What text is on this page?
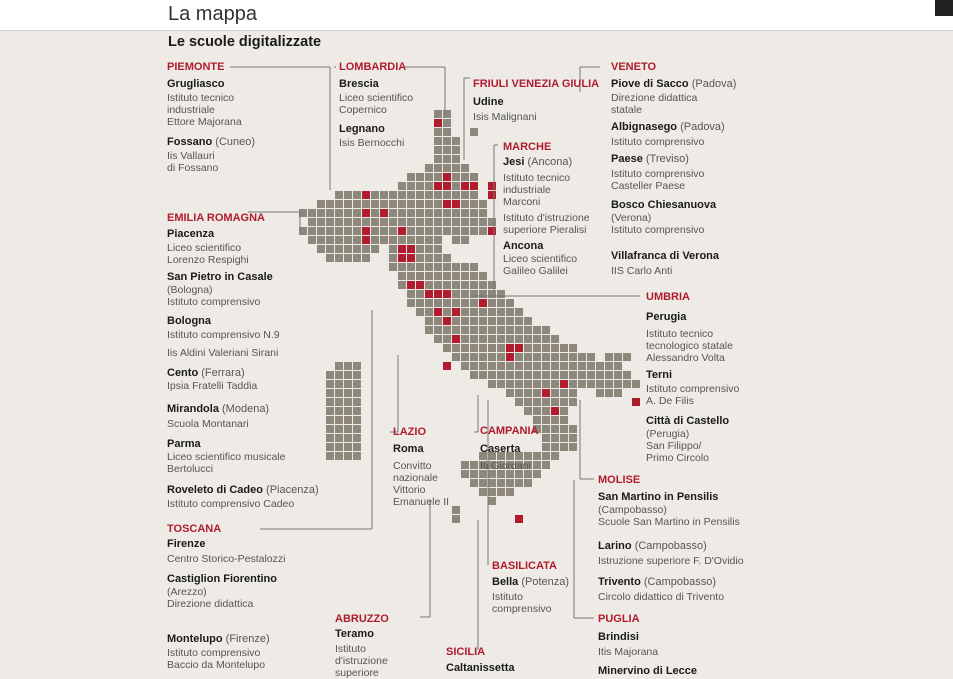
La mappa
Le scuole digitalizzate
PIEMONTE
Grugliasco
Istituto tecnico
industriale
Ettore Majorana
Fossano (Cuneo)
Iis Vallauri
di Fossano
EMILIA ROMAGNA
Piacenza
Liceo scientifico
Lorenzo Respighi
San Pietro in Casale
(Bologna)
Istituto comprensivo
Bologna
Istituto comprensivo N.9
Iis Aldini Valeriani Sirani
Cento (Ferrara)
Ipsia Fratelli Taddia
Mirandola (Modena)
Scuola Montanari
Parma
Liceo scientifico musicale
Bertolucci
Roveleto di Cadeo (Piacenza)
Istituto comprensivo Cadeo
TOSCANA
Firenze
Centro Storico-Pestalozzi
Castiglion Fiorentino
(Arezzo)
Direzione didattica
Montelupo (Firenze)
Istituto comprensivo
Baccio da Montelupo
LOMBARDIA
Brescia
Liceo scientifico
Copernico
Legnano
Isis Bernocchi
FRIULI VENEZIA GIULIA
Udine
Isis Malignani
MARCHE
Jesi (Ancona)
Istituto tecnico
industriale
Marconi
Istituto d'istruzione
superiore Pieralisi
Ancona
Liceo scientifico
Galileo Galilei
VENETO
Piove di Sacco (Padova)
Direzione didattica
statale
Albignasego (Padova)
Istituto comprensivo
Paese (Treviso)
Istituto comprensivo
Casteller Paese
Bosco Chiesanuova
(Verona)
Istituto comprensivo
Villafranca di Verona
IIS Carlo Anti
UMBRIA
Perugia
Istituto tecnico
tecnologico statale
Alessandro Volta
Terni
Istituto comprensivo
A. De Filis
Città di Castello
(Perugia)
San Filippo/
Primo Circolo
MOLISE
San Martino in Pensilis
(Campobasso)
Scuole San Martino in Pensilis
Larino (Campobasso)
Istruzione superiore F. D'Ovidio
Trivento (Campobasso)
Circolo didattico di Trivento
PUGLIA
Brindisi
Itis Majorana
Minervino di Lecce
LAZIO
Roma
Convitto
nazionale
Vittorio
Emanuele II
CAMPANIA
Caserta
Iti Giordani
BASILICATA
Bella (Potenza)
Istituto
comprensivo
ABRUZZO
Teramo
Istituto
d'istruzione
superiore
SICILIA
Caltanissetta
